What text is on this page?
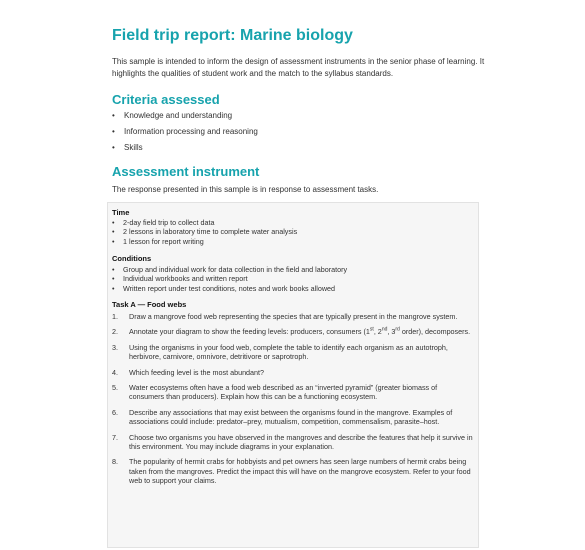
Field trip report: Marine biology
This sample is intended to inform the design of assessment instruments in the senior phase of learning. It highlights the qualities of student work and the match to the syllabus standards.
Criteria assessed
• Knowledge and understanding
• Information processing and reasoning
• Skills
Assessment instrument
The response presented in this sample is in response to assessment tasks.
Time
• 2-day field trip to collect data
• 2 lessons in laboratory time to complete water analysis
• 1 lesson for report writing
Conditions
• Group and individual work for data collection in the field and laboratory
• Individual workbooks and written report
• Written report under test conditions, notes and work books allowed
Task A — Food webs
1. Draw a mangrove food web representing the species that are typically present in the mangrove system.
2. Annotate your diagram to show the feeding levels: producers, consumers (1st, 2nd, 3rd order), decomposers.
3. Using the organisms in your food web, complete the table to identify each organism as an autotroph, herbivore, carnivore, omnivore, detritivore or saprotroph.
4. Which feeding level is the most abundant?
5. Water ecosystems often have a food web described as an “inverted pyramid” (greater biomass of consumers than producers). Explain how this can be a functioning ecosystem.
6. Describe any associations that may exist between the organisms found in the mangrove. Examples of associations could include: predator–prey, mutualism, competition, commensalism, parasite–host.
7. Choose two organisms you have observed in the mangroves and describe the features that help it survive in this environment. You may include diagrams in your explanation.
8. The popularity of hermit crabs for hobbyists and pet owners has seen large numbers of hermit crabs being taken from the mangroves. Predict the impact this will have on the mangrove ecosystem. Refer to your food web to support your claims.
